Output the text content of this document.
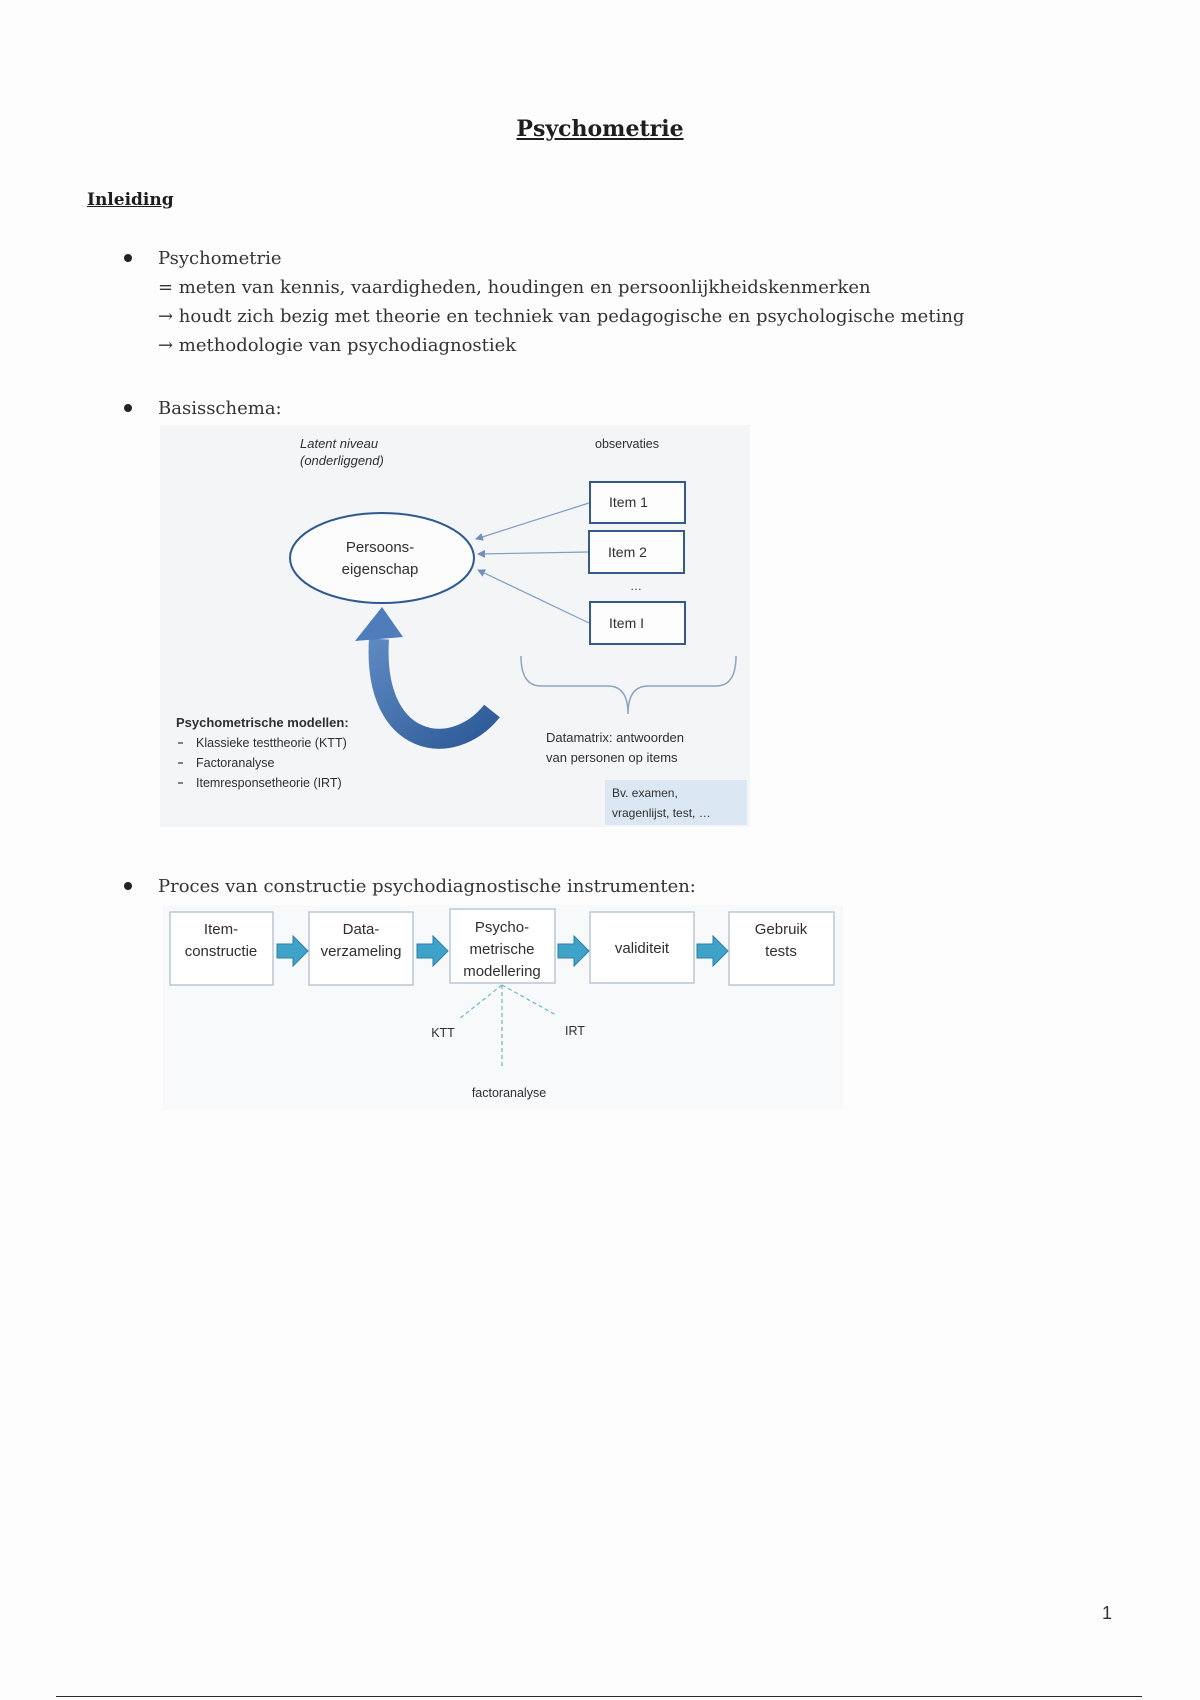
Psychometrie
Inleiding
Psychometrie
= meten van kennis, vaardigheden, houdingen en persoonlijkheidskenmerken
→ houdt zich bezig met theorie en techniek van pedagogische en psychologische meting
→ methodologie van psychodiagnostiek
Basisschema:
Latent niveau
(onderliggend)
observaties
Persoons-
eigenschap
Item 1
Item 2
…
Item I
Psychometrische modellen:
Klassieke testtheorie (KTT)
Factoranalyse
Itemresponsetheorie (IRT)
Datamatrix: antwoorden
van personen op items
Bv. examen,
vragenlijst, test, …
Proces van constructie psychodiagnostische instrumenten:
Item-
constructie
Data-
verzameling
Psycho-
metrische
modellering
validiteit
Gebruik
tests
KTT	IRT
factoranalyse
1
